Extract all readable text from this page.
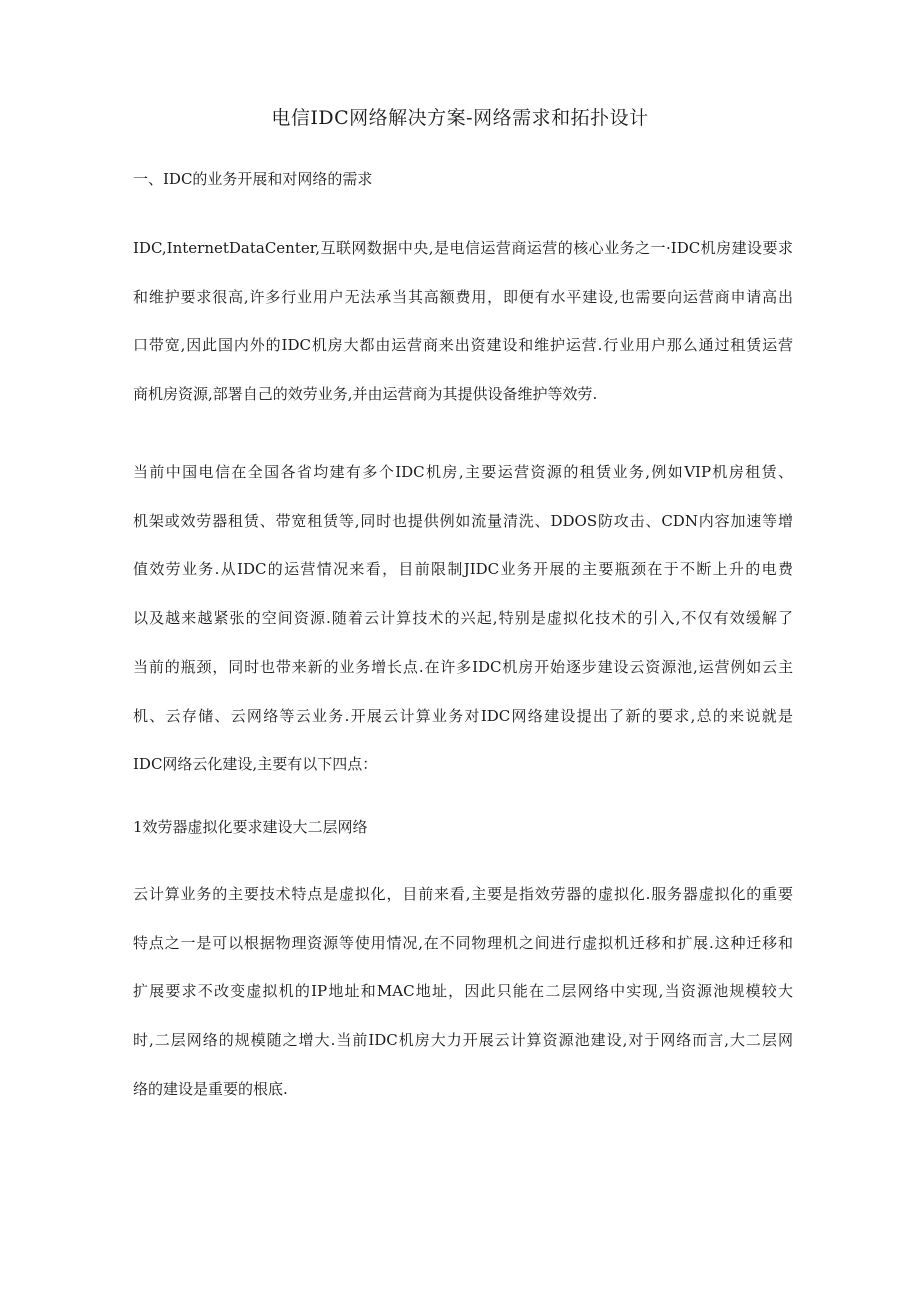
电信IDC网络解决方案-网络需求和拓扑设计
一、IDC的业务开展和对网络的需求

IDC,InternetDataCenter,互联网数据中央,是电信运营商运营的核心业务之一·IDC机房建设要求
和维护要求很高,许多行业用户无法承当其高额费用，即便有水平建设,也需要向运营商申请高出
口带宽,因此国内外的IDC机房大都由运营商来出资建设和维护运营.行业用户那么通过租赁运营
商机房资源,部署自己的效劳业务,并由运营商为其提供设备维护等效劳.

当前中国电信在全国各省均建有多个IDC机房,主要运营资源的租赁业务,例如VIP机房租赁、
机架或效劳器租赁、带宽租赁等,同时也提供例如流量清洗、DDOS防攻击、CDN内容加速等增
值效劳业务.从IDC的运营情况来看，目前限制JIDC业务开展的主要瓶颈在于不断上升的电费
以及越来越紧张的空间资源.随着云计算技术的兴起,特别是虚拟化技术的引入,不仅有效缓解了
当前的瓶颈，同时也带来新的业务增长点.在许多IDC机房开始逐步建设云资源池,运营例如云主
机、云存储、云网络等云业务.开展云计算业务对IDC网络建设提出了新的要求,总的来说就是
IDC网络云化建设,主要有以下四点：

1效劳器虚拟化要求建设大二层网络

云计算业务的主要技术特点是虚拟化，目前来看,主要是指效劳器的虚拟化.服务器虚拟化的重要
特点之一是可以根据物理资源等使用情况,在不同物理机之间进行虚拟机迁移和扩展.这种迁移和
扩展要求不改变虚拟机的IP地址和MAC地址，因此只能在二层网络中实现,当资源池规模较大
时,二层网络的规模随之增大.当前IDC机房大力开展云计算资源池建设,对于网络而言,大二层网
络的建设是重要的根底.
